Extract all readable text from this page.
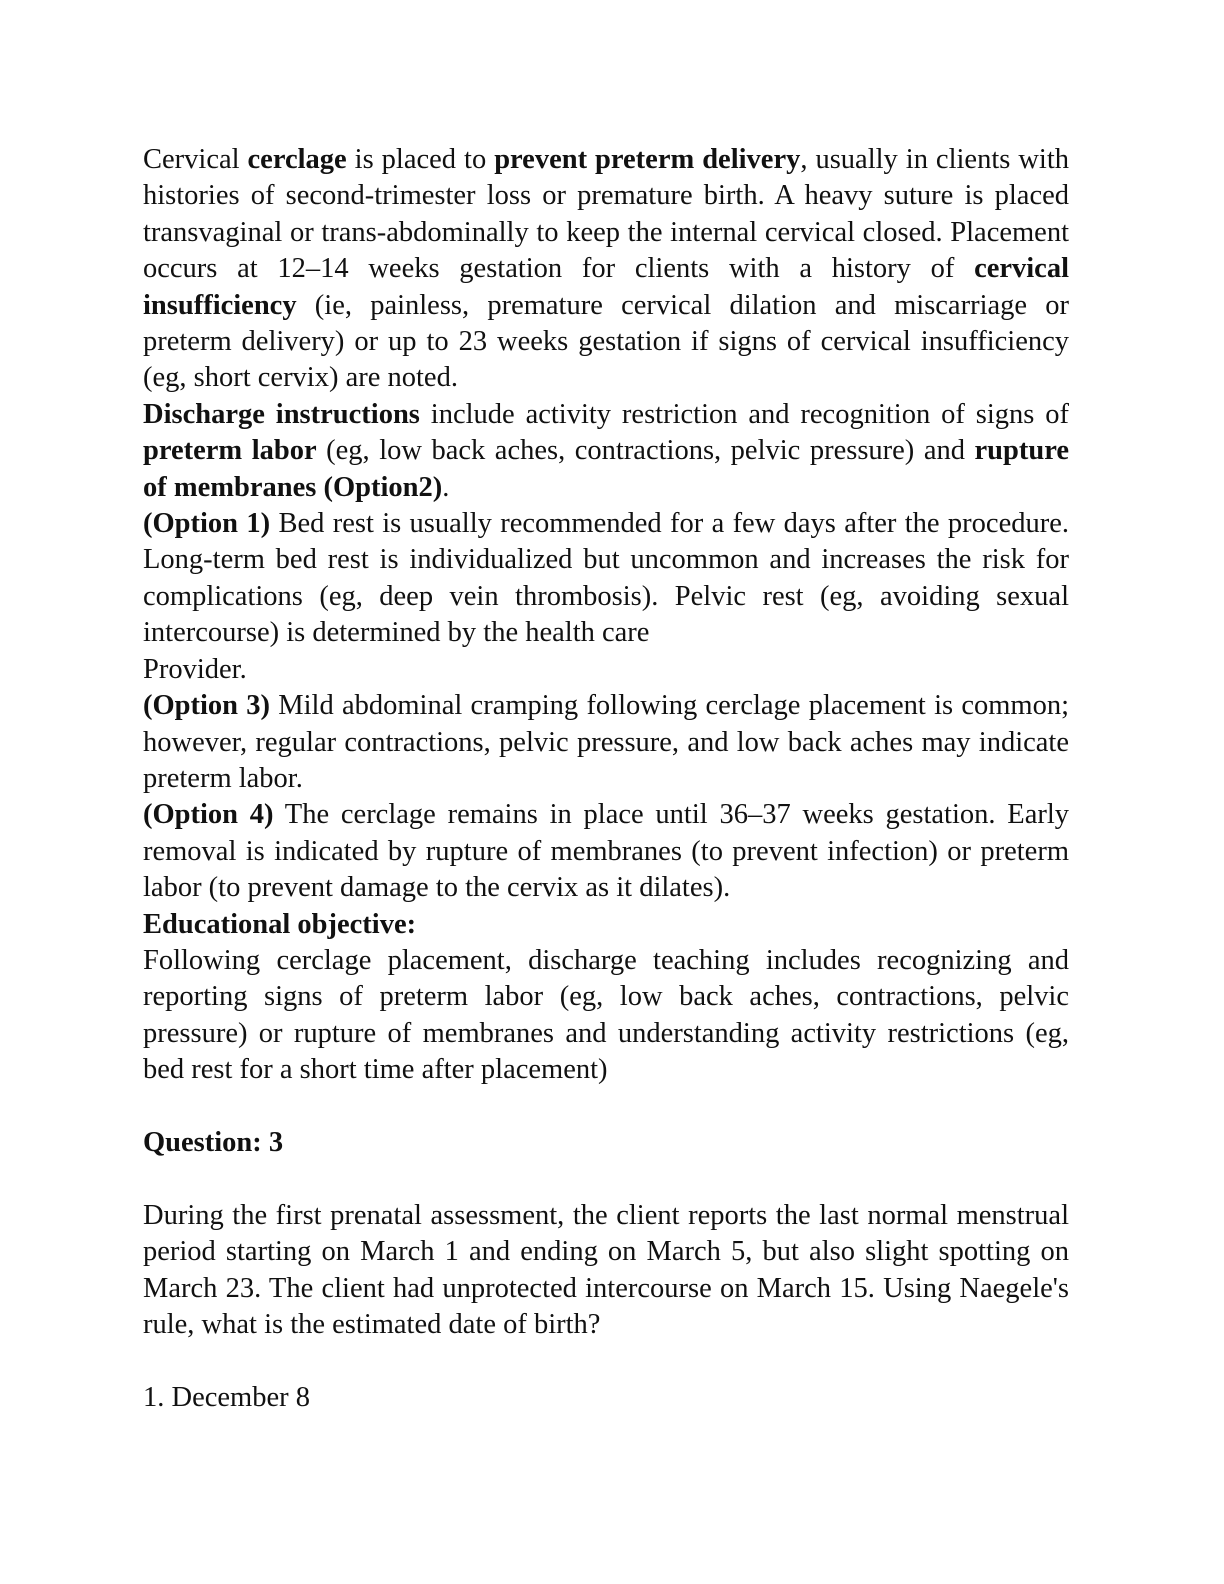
Cervical cerclage is placed to prevent preterm delivery, usually in clients with histories of second-trimester loss or premature birth. A heavy suture is placed transvaginal or trans-abdominally to keep the internal cervical closed. Placement occurs at 12–14 weeks gestation for clients with a history of cervical insufficiency (ie, painless, premature cervical dilation and miscarriage or preterm delivery) or up to 23 weeks gestation if signs of cervical insufficiency (eg, short cervix) are noted.

Discharge instructions include activity restriction and recognition of signs of preterm labor (eg, low back aches, contractions, pelvic pressure) and rupture of membranes (Option2).

(Option 1) Bed rest is usually recommended for a few days after the procedure. Long-term bed rest is individualized but uncommon and increases the risk for complications (eg, deep vein thrombosis). Pelvic rest (eg, avoiding sexual intercourse) is determined by the health care

Provider.

(Option 3) Mild abdominal cramping following cerclage placement is common; however, regular contractions, pelvic pressure, and low back aches may indicate preterm labor.

(Option 4) The cerclage remains in place until 36–37 weeks gestation. Early removal is indicated by rupture of membranes (to prevent infection) or preterm labor (to prevent damage to the cervix as it dilates).

Educational objective:

Following cerclage placement, discharge teaching includes recognizing and reporting signs of preterm labor (eg, low back aches, contractions, pelvic pressure) or rupture of membranes and understanding activity restrictions (eg, bed rest for a short time after placement)

Question: 3

During the first prenatal assessment, the client reports the last normal menstrual period starting on March 1 and ending on March 5, but also slight spotting on March 23. The client had unprotected intercourse on March 15. Using Naegele's rule, what is the estimated date of birth?

1. December 8
